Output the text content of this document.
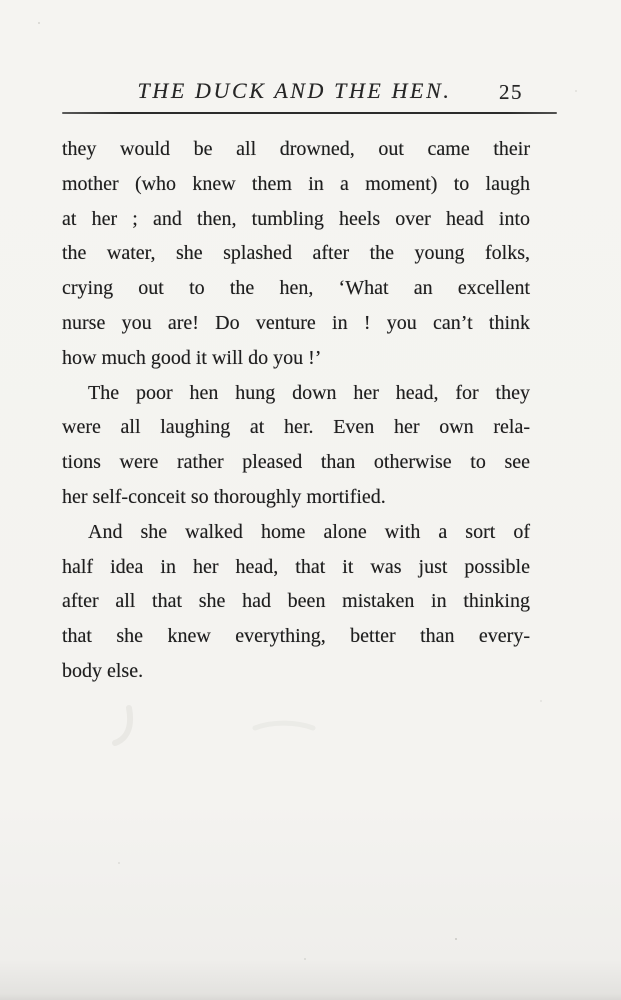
THE DUCK AND THE HEN.	25
they would be all drowned, out came their
mother (who knew them in a moment) to laugh
at her ; and then, tumbling heels over head into
the water, she splashed after the young folks,
crying out to the hen, ‘What an excellent
nurse you are! Do venture in ! you can’t think
how much good it will do you !’
The poor hen hung down her head, for they
were all laughing at her. Even her own rela-
tions were rather pleased than otherwise to see
her self-conceit so thoroughly mortified.
And she walked home alone with a sort of
half idea in her head, that it was just possible
after all that she had been mistaken in thinking
that she knew everything, better than every-
body else.
